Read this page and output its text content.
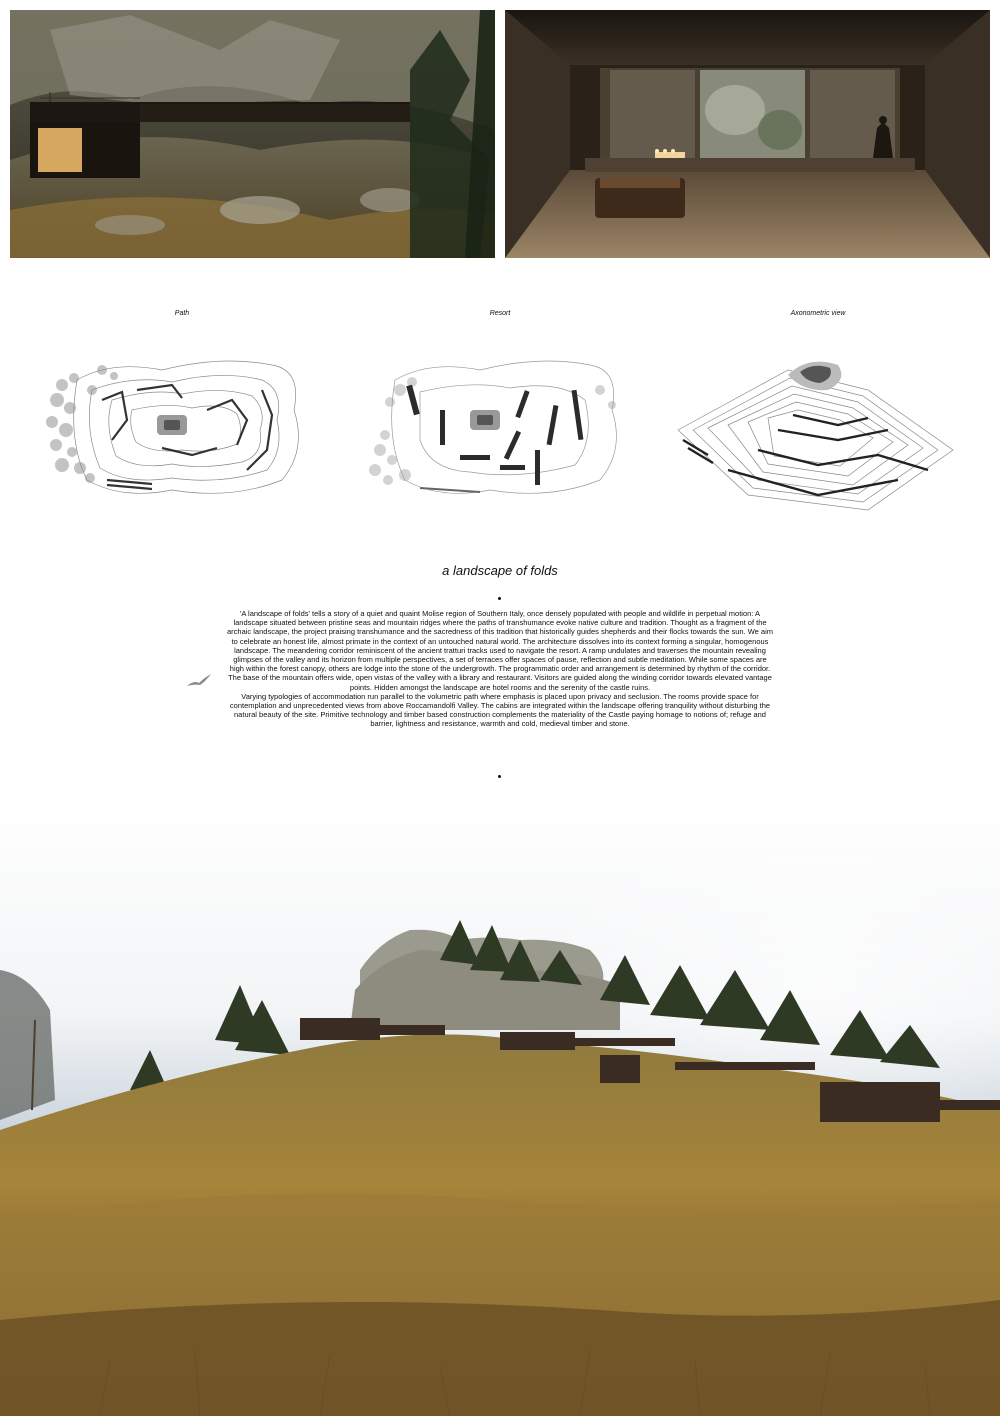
Path	Resort	Axonometric view
a landscape of folds

'A landscape of folds' tells a story of a quiet and quaint Molise region of Southern Italy, once densely populated with people and wildlife in perpetual motion: A landscape situated between pristine seas and mountain ridges where the paths of transhumance evoke native culture and tradition. Thought as a fragment of the archaic landscape, the project praising transhumance and the sacredness of this tradition that historically guides shepherds and their flocks towards the sun. We aim to celebrate an honest life, almost primate in the context of an untouched natural world. The architecture dissolves into its context forming a singular, homogenous landscape. The meandering corridor reminiscent of the ancient tratturi tracks used to navigate the resort. A ramp undulates and traverses the mountain revealing glimpses of the valley and its horizon from multiple perspectives, a set of terraces offer spaces of pause, reflection and subtle meditation. While some spaces are high within the forest canopy, others are lodge into the stone of the undergrowth. The programmatic order and arrangement is determined by rhythm of the corridor. The base of the mountain offers wide, open vistas of the valley with a library and restaurant. Visitors are guided along the winding corridor towards elevated vantage points. Hidden amongst the landscape are hotel rooms and the serenity of the castle ruins.
Varying typologies of accommodation run parallel to the volumetric path where emphasis is placed upon privacy and seclusion. The rooms provide space for contemplation and unprecedented views from above Roccamandolfi Valley. The cabins are integrated within the landscape offering tranquility without disturbing the natural beauty of the site. Primitive technology and timber based construction complements the materiality of the Castle paying homage to notions of; refuge and barrier, lightness and resistance, warmth and cold, medieval timber and stone.
